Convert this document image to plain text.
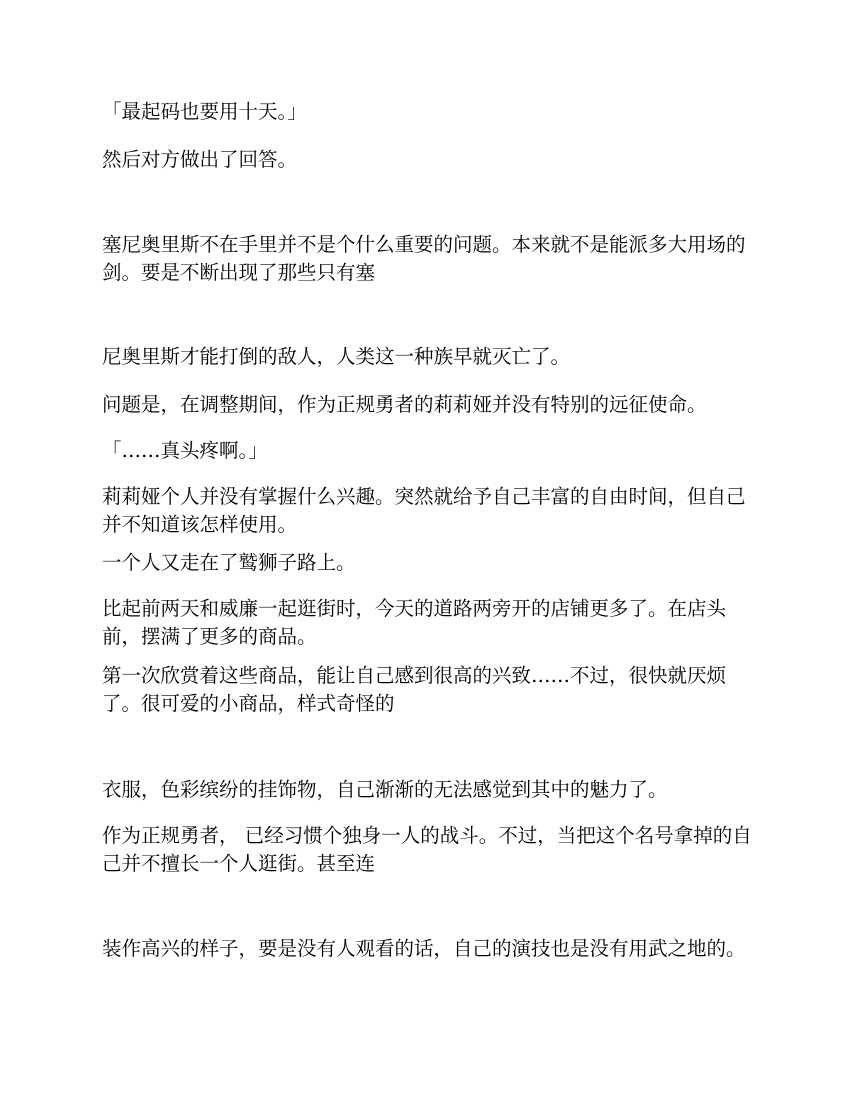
「最起码也要用十天。」

然后对方做出了回答。

塞尼奥里斯不在手里并不是个什么重要的问题。本来就不是能派多大用场的剑。要是不断出现了那些只有塞

尼奥里斯才能打倒的敌人，人类这一种族早就灭亡了。

问题是，在调整期间，作为正规勇者的莉莉娅并没有特别的远征使命。

「……真头疼啊。」

莉莉娅个人并没有掌握什么兴趣。突然就给予自己丰富的自由时间，但自己并不知道该怎样使用。

一个人又走在了鹫狮子路上。

比起前两天和威廉一起逛街时，今天的道路两旁开的店铺更多了。在店头前，摆满了更多的商品。

第一次欣赏着这些商品，能让自己感到很高的兴致……不过，很快就厌烦了。很可爱的小商品，样式奇怪的

衣服，色彩缤纷的挂饰物，自己渐渐的无法感觉到其中的魅力了。

作为正规勇者， 已经习惯个独身一人的战斗。不过，当把这个名号拿掉的自己并不擅长一个人逛街。甚至连

装作高兴的样子，要是没有人观看的话，自己的演技也是没有用武之地的。
